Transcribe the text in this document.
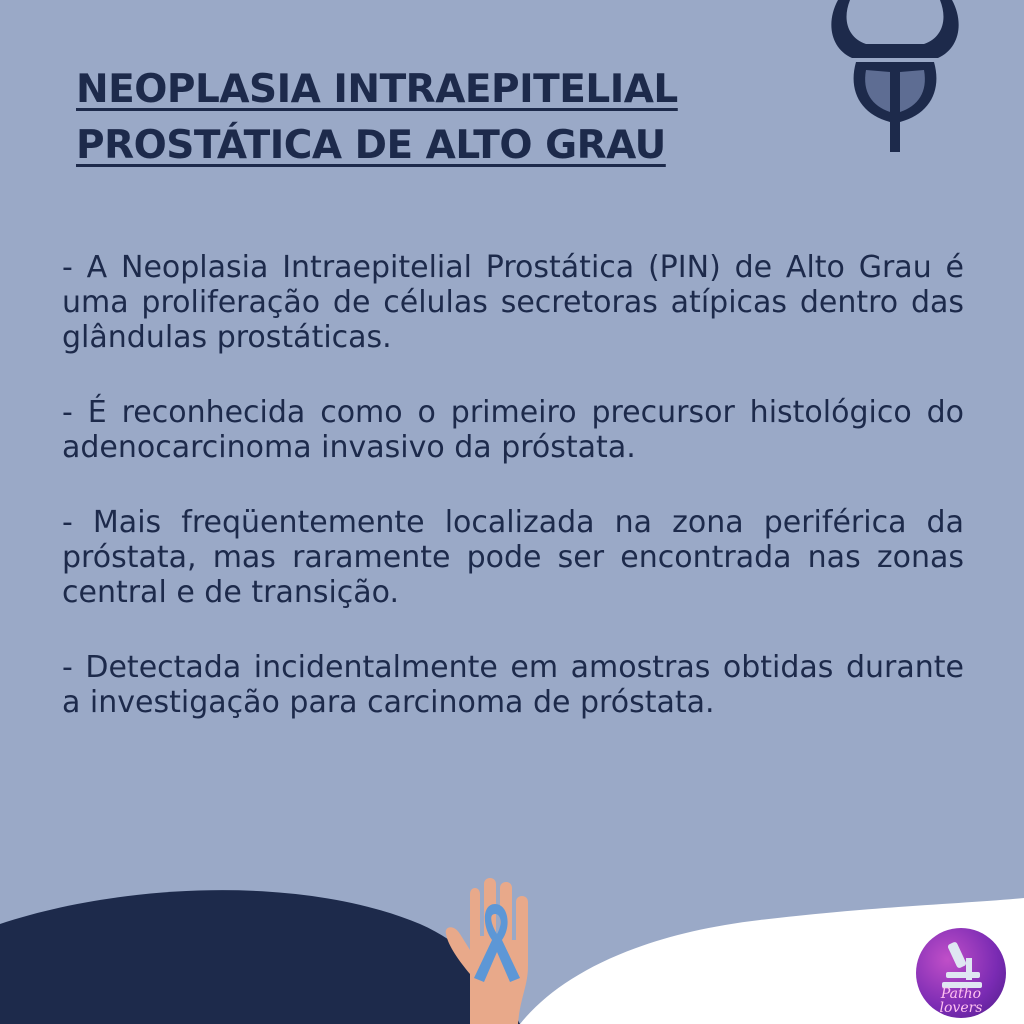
NEOPLASIA INTRAEPITELIAL
PROSTÁTICA DE ALTO GRAU

- A Neoplasia Intraepitelial Prostática (PIN) de Alto Grau é uma proliferação de células secretoras atípicas dentro das glândulas prostáticas.

- É reconhecida como o primeiro precursor histológico do adenocarcinoma invasivo da próstata.

- Mais freqüentemente localizada na zona periférica da próstata, mas raramente pode ser encontrada nas zonas central e de transição.

- Detectada incidentalmente em amostras obtidas durante a investigação para carcinoma de próstata.

Patho
lovers
